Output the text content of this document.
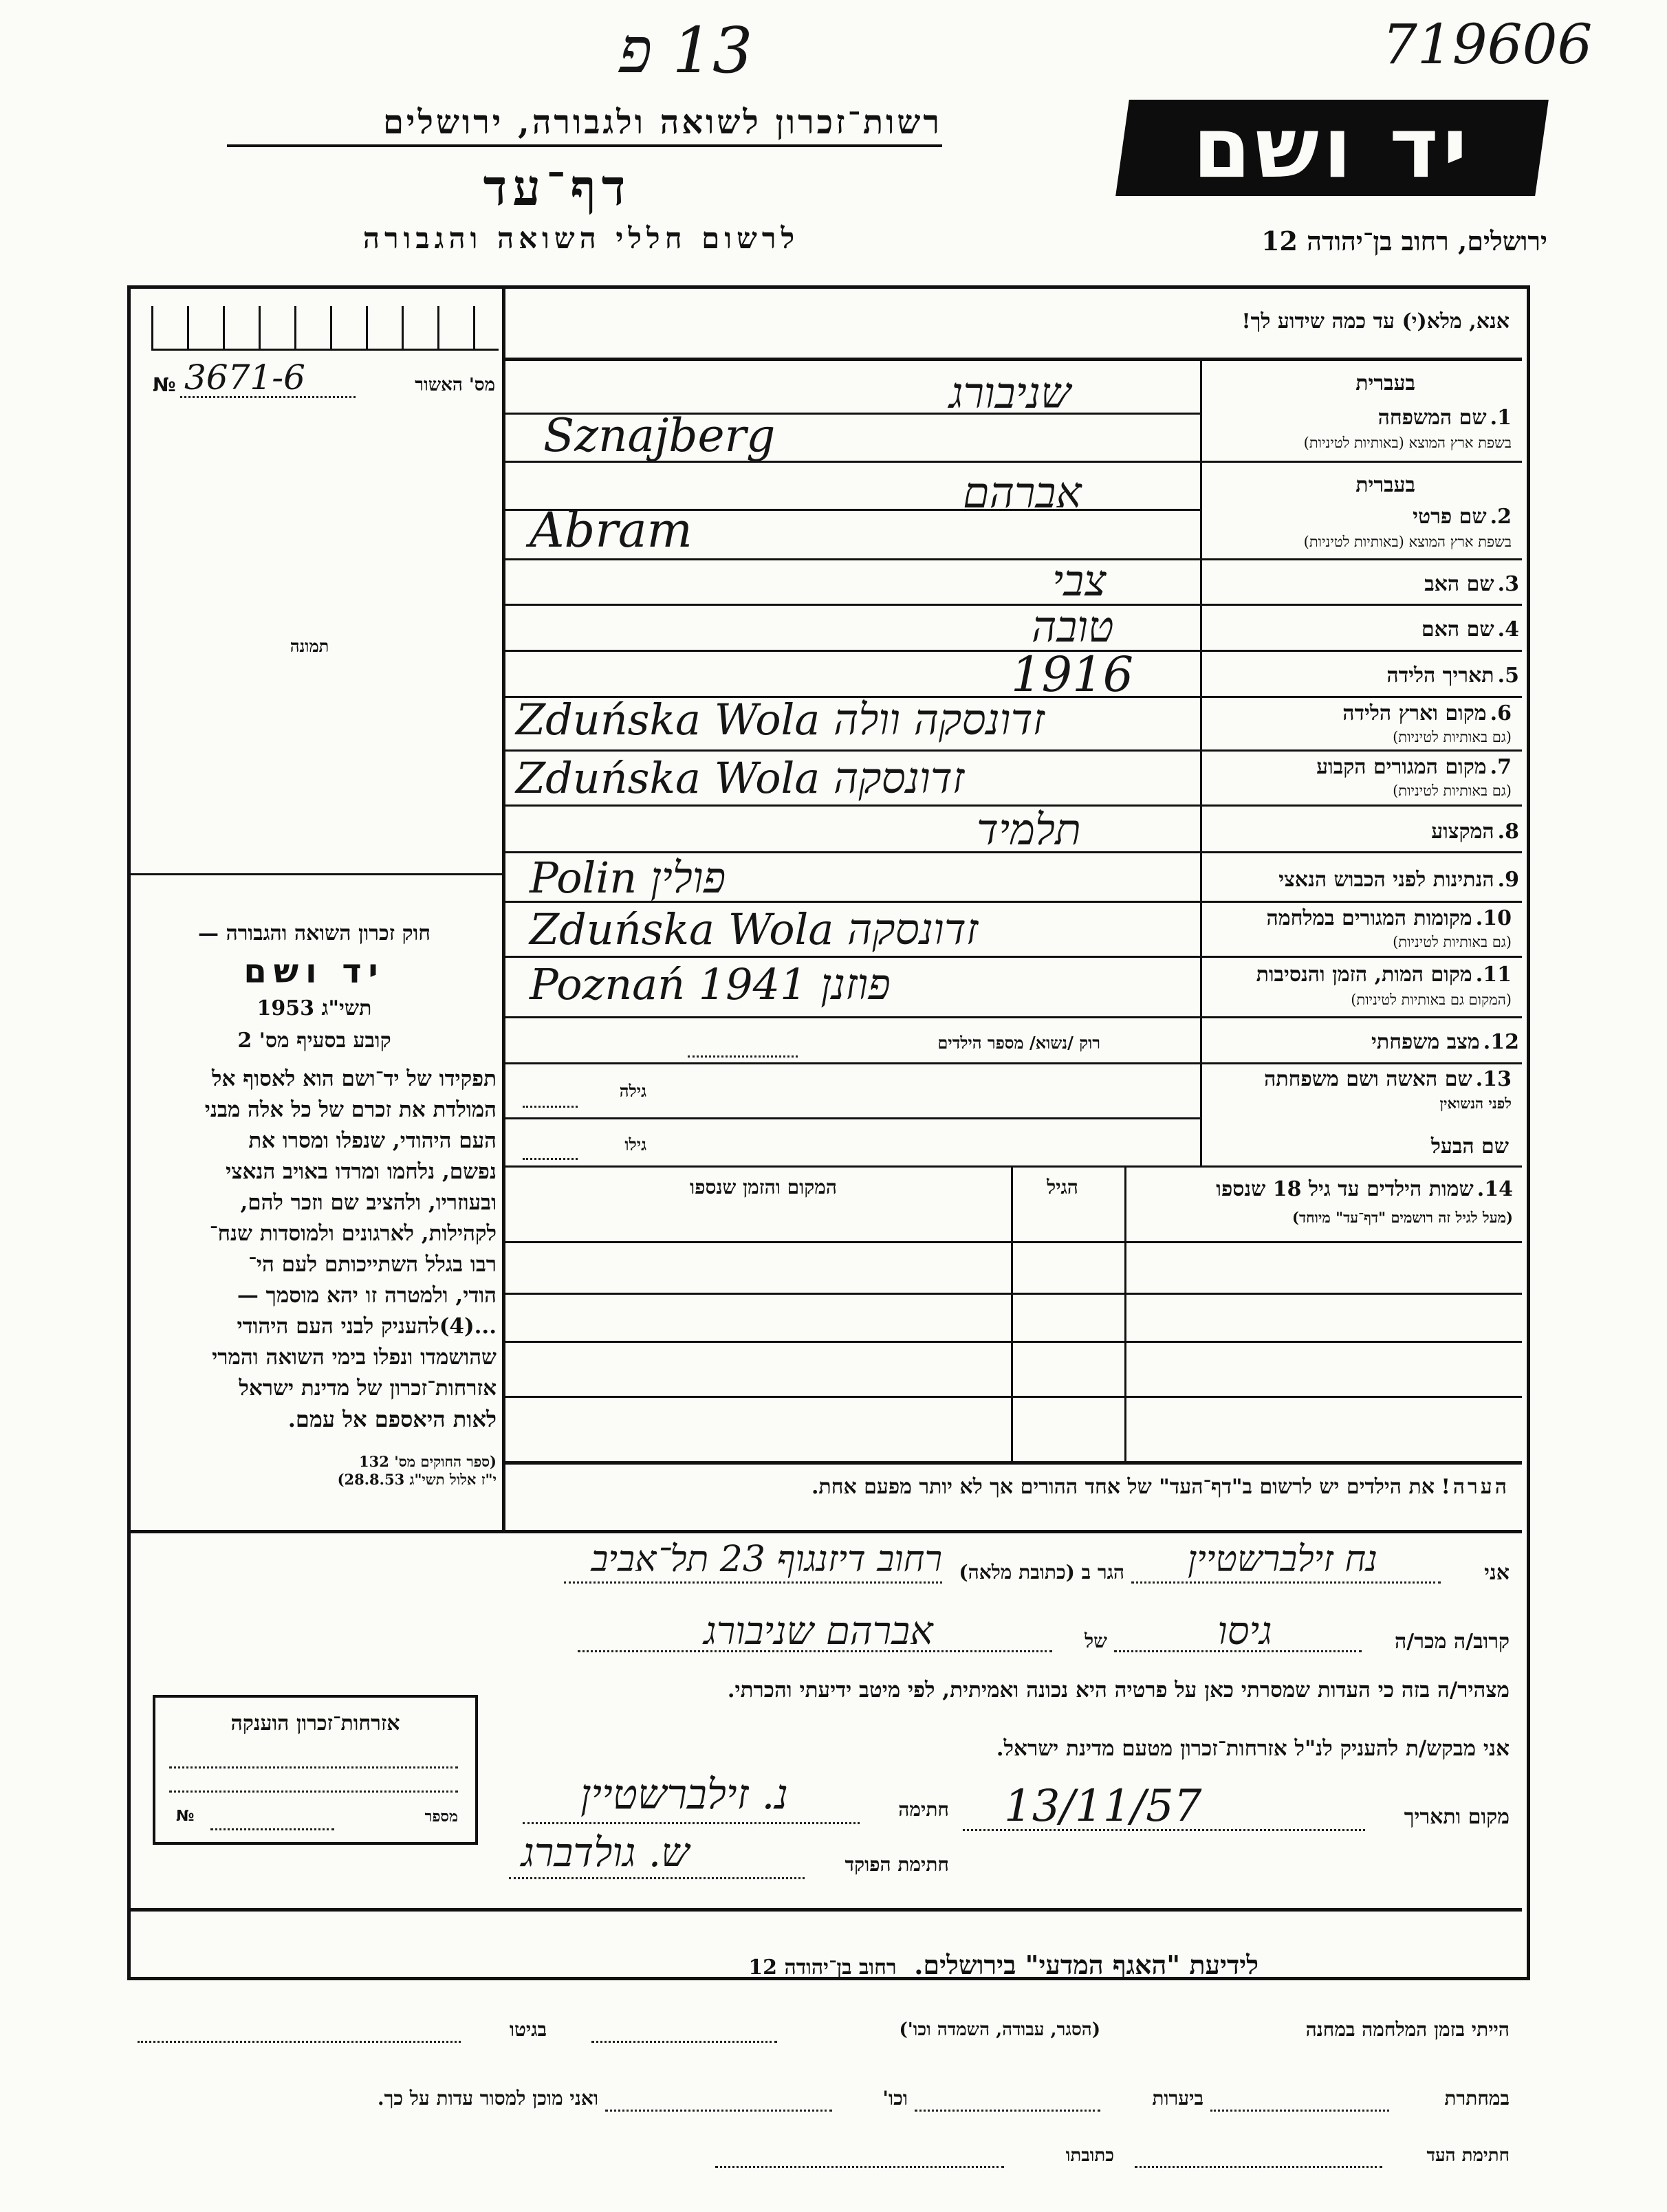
13 פ	719606
יד ושם
רשות־זכרון לשואה ולגבורה, ירושלים
דף־עד
לרשום חללי השואה והגבורה	ירושלים, רחוב בן־יהודה 12
מס' האשור
№ 3671-6
תמונה
אנא, מלא(י) עד כמה שידוע לך!
בעברית
1. שם המשפחה
בשפת ארץ המוצא (באותיות לטיניות)
שניבורג
Sznajberg
בעברית
2. שם פרטי
בשפת ארץ המוצא (באותיות לטיניות)
אברהם
Abram
3. שם האב
צבי
4. שם האם
טובה
5. תאריך הלידה
1916
6. מקום וארץ הלידה
(גם באותיות לטיניות)
Zduńska Wola זדונסקה וולה
7. מקום המגורים הקבוע
(גם באותיות לטיניות)
Zduńska Wola זדונסקה
8. המקצוע
תלמיד
9. הנתינות לפני הכבוש הנאצי
Polin פולין
10. מקומות המגורים במלחמה
(גם באותיות לטיניות)
Zduńska Wola זדונסקה
11. מקום המות, הזמן והנסיבות
(המקום גם באותיות לטיניות)
Poznań 1941 פוזנן
12. מצב משפחתי
רוק /נשוא/ מספר הילדים
13. שם האשה ושם משפחתה
לפני הנשואין
גילה
גילו	שם הבעל
14. שמות הילדים עד גיל 18 שנספו
(מעל לגיל זה רושמים "דף־עד" מיוחד)
הגיל
המקום והזמן שנספו
הערה! את הילדים יש לרשום ב"דף־העד" של אחד ההורים אך לא יותר מפעם אחת.
חוק זכרון השואה והגבורה —
יד ושם
תשי"ג 1953
קובע בסעיף מס' 2

תפקידו של יד־ושם הוא לאסוף אל

המולדת את זכרם של כל אלה מבני

העם היהודי, שנפלו ומסרו את

נפשם, נלחמו ומרדו באויב הנאצי

ובעוזריו, ולהציב שם וזכר להם,

לקהילות, לארגונים ולמוסדות שנח־

רבו בגלל השתייכותם לעם הי־

הודי, ולמטרה זו יהא מוסמך —

...(4)להעניק לבני העם היהודי

שהושמדו ונפלו בימי השואה והמרי

אזרחות־זכרון של מדינת ישראל

לאות היאספם אל עמם.

(ספר החוקים מס' 132
י"ז אלול תשי"ג 28.8.53)
אני
נח זילברשטיין
הגר ב (כתובת מלאה)
רחוב דיזנגוף 23 תל־אביב
קרוב/ה מכר/ה
גיסו
של
אברהם שניבורג
מצהיר/ה בזה כי העדות שמסרתי כאן על פרטיה היא נכונה ואמיתית, לפי מיטב ידיעתי והכרתי.
אני מבקש/ת להעניק לנ"ל אזרחות־זכרון מטעם מדינת ישראל.
מקום ותאריך
13/11/57
חתימה
נ. זילברשטיין
חתימת הפוקד
ש. גולדברג
אזרחות־זכרון הוענקה
מספר
№
לידיעת "האגף המדעי" בירושלים. רחוב בן־יהודה 12
הייתי בזמן המלחמה במחנה
(הסגר, עבודה, השמדה וכו')
בגיטו
במחתרת
ביערות
וכו'
ואני מוכן למסור עדות על כך.
חתימת העד
כתובתו
